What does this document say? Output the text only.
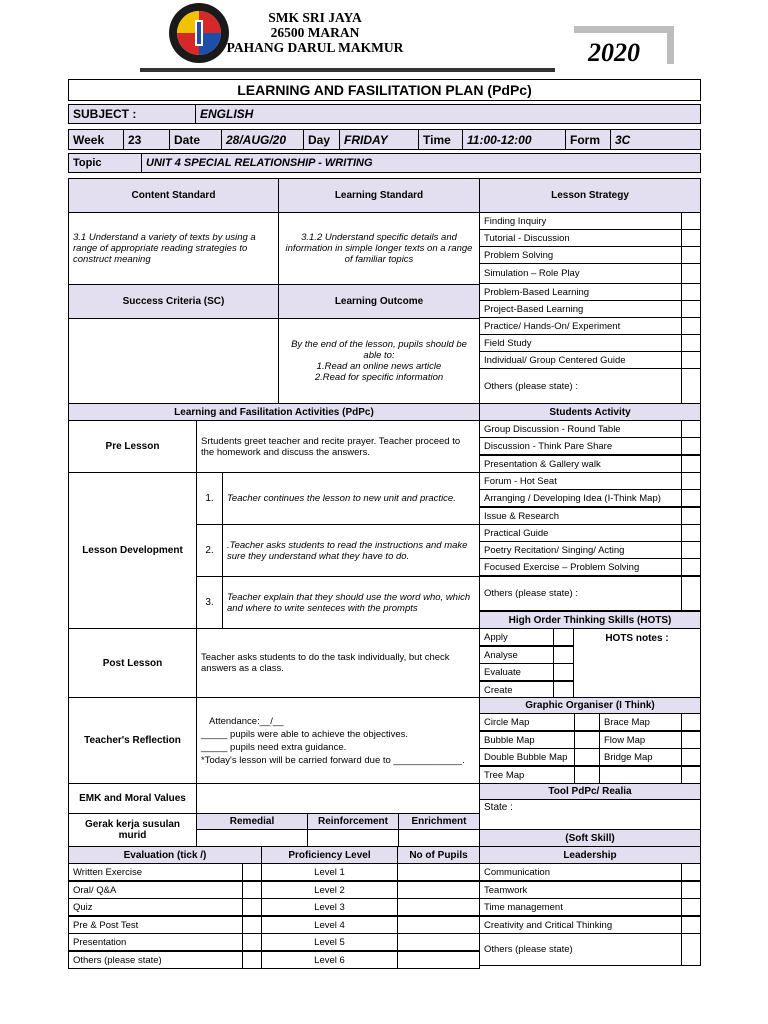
SMK SRI JAYA
26500 MARAN
PAHANG DARUL MAKMUR	2020
LEARNING AND FASILITATION PLAN (PdPc)
SUBJECT :	ENGLISH
Week	23	Date	28/AUG/20	Day	FRIDAY	Time	11:00-12:00	Form	3C
Topic	UNIT 4 SPECIAL RELATIONSHIP - WRITING
Content Standard	Learning Standard	Lesson Strategy
3.1 Understand a variety of texts by using a range of appropriate reading strategies to construct meaning
3.1.2 Understand specific details and information in simple longer texts on a range of familiar topics
Success Criteria (SC)	Learning Outcome
By the end of the lesson, pupils should be able to:
1.Read an online news article
2.Read for specific information
Finding Inquiry
Tutorial - Discussion
Problem Solving
Simulation – Role Play
Problem-Based Learning
Project-Based Learning
Practice/ Hands-On/ Experiment
Field Study
Individual/ Group Centered Guide
Others (please state) :
Learning and Fasilitation Activities (PdPc)	Students Activity
Pre Lesson	Srtudents greet teacher and recite prayer. Teacher proceed to the homework and discuss the answers.
Lesson Development
1.	Teacher continues the lesson to new unit and practice.
2.	.Teacher asks students to read the instructions and make sure they understand what they have to do.
3.	Teacher explain that they should use the word who, which and where to write senteces with the prompts
Post Lesson	Teacher asks students to do the task individually, but check answers as a class.
Teacher's Reflection
Attendance:__/__
_____ pupils were able to achieve the objectives.
_____ pupils need extra guidance.
*Today's lesson will be carried forward due to _____________.
EMK and Moral Values
Gerak kerja susulan murid
Remedial	Reinforcement	Enrichment
Group Discussion - Round Table
Discussion - Think Pare Share
Presentation & Gallery walk
Forum - Hot Seat
Arranging / Developing Idea (I-Think Map)
Issue & Research
Practical Guide
Poetry Recitation/ Singing/ Acting
Focused Exercise – Problem Solving
Others (please state) :
High Order Thinking Skills (HOTS)
Apply
Analyse
Evaluate
Create
HOTS notes :
Graphic Organiser (I Think)
Circle Map	Brace Map
Bubble Map	Flow Map
Double Bubble Map	Bridge Map
Tree Map
Tool PdPc/ Realia
State :
(Soft Skill)
Leadership
Communication
Teamwork
Time management
Creativity and Critical Thinking
Others (please state)
Evaluation (tick /)	Proficiency Level	No of Pupils
Written Exercise	Level 1
Oral/ Q&A	Level 2
Quiz	Level 3
Pre & Post Test	Level 4
Presentation	Level 5
Others (please state)	Level 6
